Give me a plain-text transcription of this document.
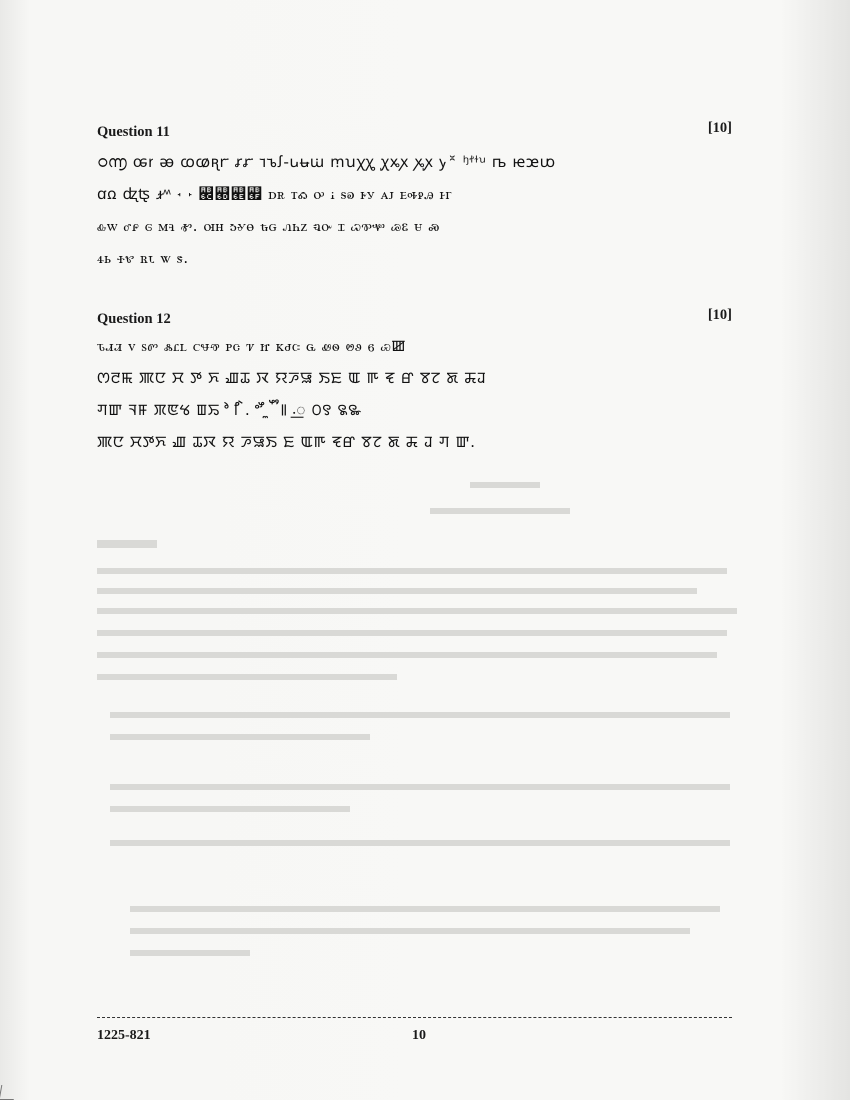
Question 11	[10]
ഠ൬ ꭀꭇ ꭂ ꭃꭄꭆꭈ ꭉꭊ ꭋꭌꭍ-ꭎꭏꭐ ꭑꭒꭓꭔ ꭕꭖꭗ ꭘꭙ ꭚ꭛ ꭜꭝꭞꭟ ꭠ ꭡꭢꭣ
ꭤꭥ ꭦꭧ ꭨꭩ ꭪ ꭫ ꭬꭭꭮꭯ ꭰꭱ ꭲꭳ ꭴ ꭵ ꭶꭷ ꭸꭹ ꭺꭻ ꭼꭽꭾꭿ ꮀꮁ
ꮂꮃ ꮄꮅ ꮆ ꮇꮈ ꮉ. ꮊꮋ ꮌꮍꮎ ꮏꮐ ꮑꮒꮓ ꮔꮕ ꮖ ꮗꮘꮙ ꮚꮛ ꮜ ꮝ
ꮞꮟ ꮠꮡ ꮢꮣ ꮤ ꮥ.
Question 12	[10]
ꮦꮧꮨ ꮩ ꮪꮫ ꮬꮭꮮ ꮯꮰꮱ ꮲꮳ ꮴ ꮵ ꮶꮷꮸ ꮹ ꮺꮻ ꮼꮽ ꮾ ꮿꯀ
ꯁꯂꯃ ꯄꯅ ꯆ ꯇ ꯈ ꯉꯊ ꯋ ꯌꯍꯎ ꯏꯐ ꯑ ꯒ ꯓ ꯔ ꯕꯖ ꯗ ꯘꯙ
ꯚꯛ ꯜꯝ ꯞꯟꯠ ꯡꯢ ꯣ ꯤ ꯥ. ꯦꯧ ꯨ ꯩ ꯪ꯫ ꯬꯭ ꯰꯱ ꯲꯳
ꯄꯅ ꯆꯇꯈ ꯉ ꯊꯋ ꯌ ꯍꯎꯏ ꯐ ꯑꯒ ꯓꯔ ꯕꯖ ꯗ ꯘ ꯙ ꯚ ꯛ.
1225-821	10
